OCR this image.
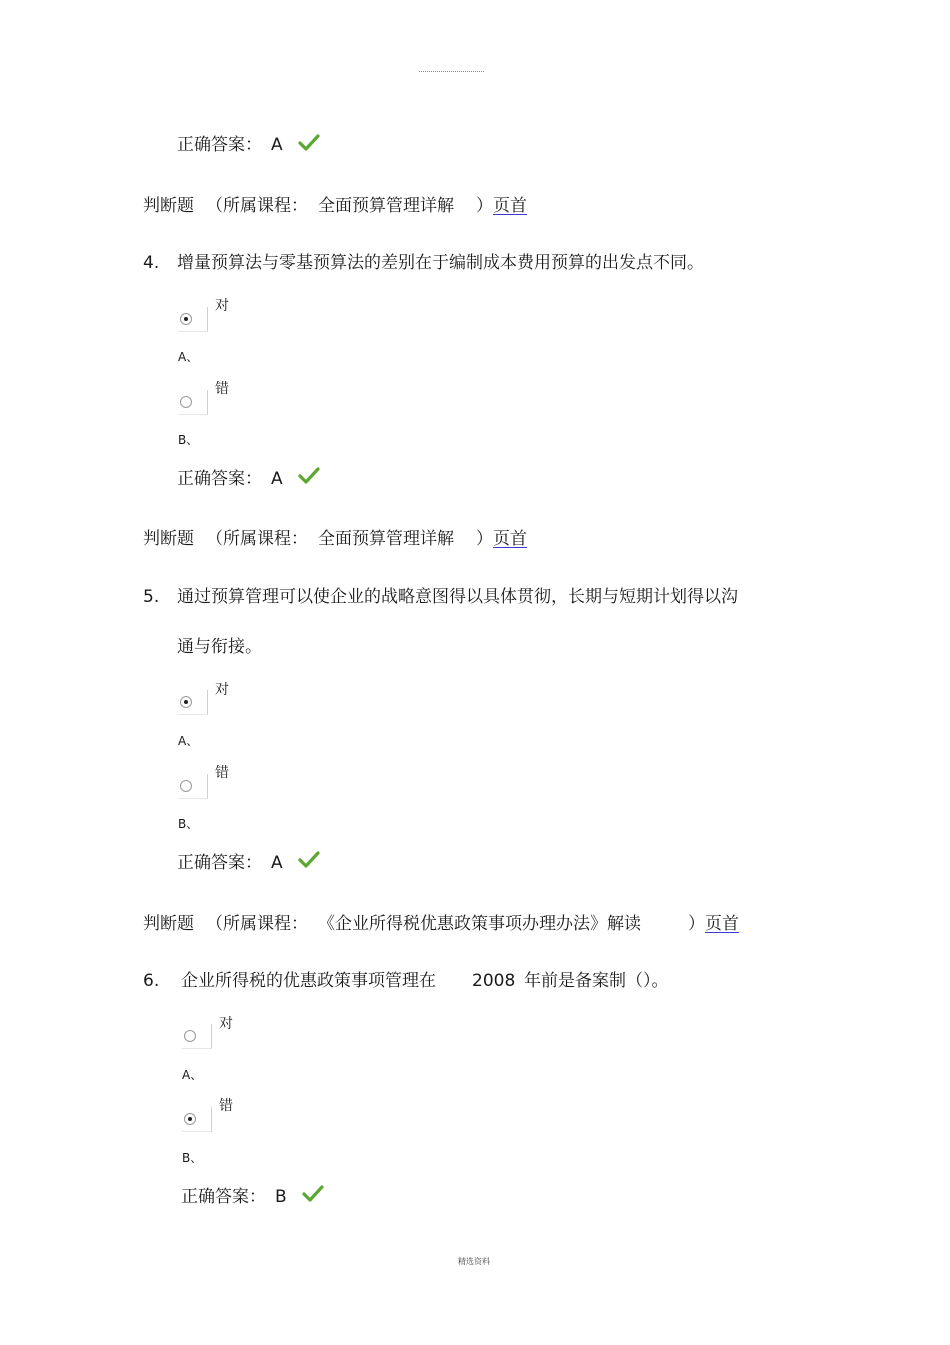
正确答案： A
判断题 （所属课程： 全面预算管理详解 ） 页首
4. 增量预算法与零基预算法的差别在于编制成本费用预算的出发点不同。
对
A、
错
B、
正确答案： A
判断题 （所属课程： 全面预算管理详解 ） 页首
5. 通过预算管理可以使企业的战略意图得以具体贯彻，长期与短期计划得以沟
通与衔接。
对
A、
错
B、
正确答案： A
判断题 （所属课程： 《企业所得税优惠政策事项办理办法》解读	） 页首
6. 企业所得税的优惠政策事项管理在 2008 年前是备案制（）。
对
A、
错
B、
正确答案： B
精选资料
